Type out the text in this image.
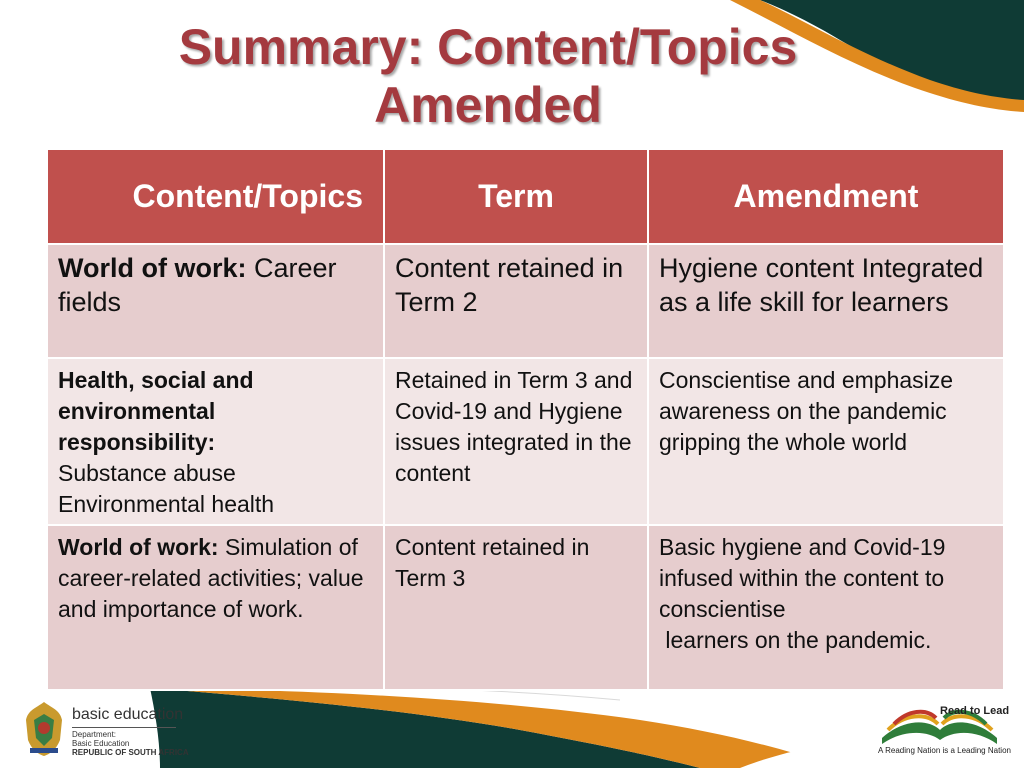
Summary: Content/Topics
Amended
Content/Topics	Term	Amendment
World of work: Career fields	Content retained in Term 2	Hygiene content Integrated as a life skill for learners

Health, social and environmental responsibility:
Substance abuse
Environmental health	Retained in Term 3 and Covid-19 and Hygiene issues integrated in the content	Conscientise and emphasize awareness on the pandemic gripping the whole world
World of work: Simulation of career-related activities; value and importance of work.	Content retained in Term 3	Basic hygiene and Covid-19 infused within the content to conscientise
learners on the pandemic.
basic education
Department:
Basic Education
REPUBLIC OF SOUTH AFRICA
Read to Lead
A Reading Nation is a Leading Nation
